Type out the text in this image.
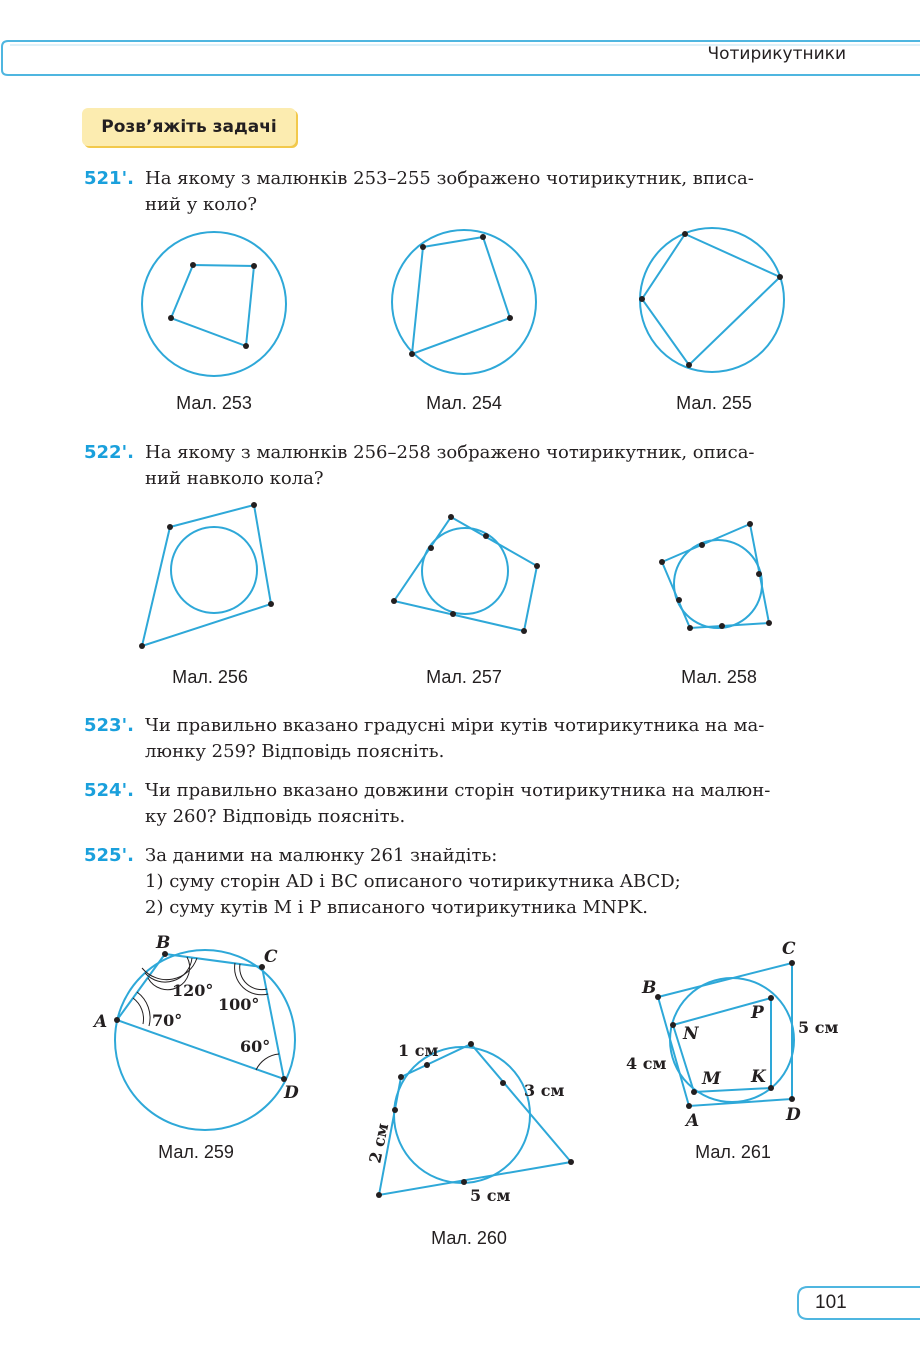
Чотирикутники
Розв’яжіть задачі
521'. На якому з малюнків 253–255 зображено чотирикутник, вписа-
ний у коло?
Мал. 253	Мал. 254	Мал. 255
522'. На якому з малюнків 256–258 зображено чотирикутник, описа-
ний навколо кола?
Мал. 256	Мал. 257	Мал. 258
523'. Чи правильно вказано градусні міри кутів чотирикутника на ма-
люнку 259? Відповідь поясніть.
524'. Чи правильно вказано довжини сторін чотирикутника на малюн-
ку 260? Відповідь поясніть.
525'. За даними на малюнку 261 знайдіть:
1) суму сторін AD і BC описаного чотирикутника ABCD;
2) суму кутів M і P вписаного чотирикутника MNPK.
A
B
C
D
70°
120°
100°
60°
Мал. 259
1 см
3 см
5 см
2 см
Мал. 260
A
B
C
D
M
N
P
K
4 см
5 см
Мал. 261
101
